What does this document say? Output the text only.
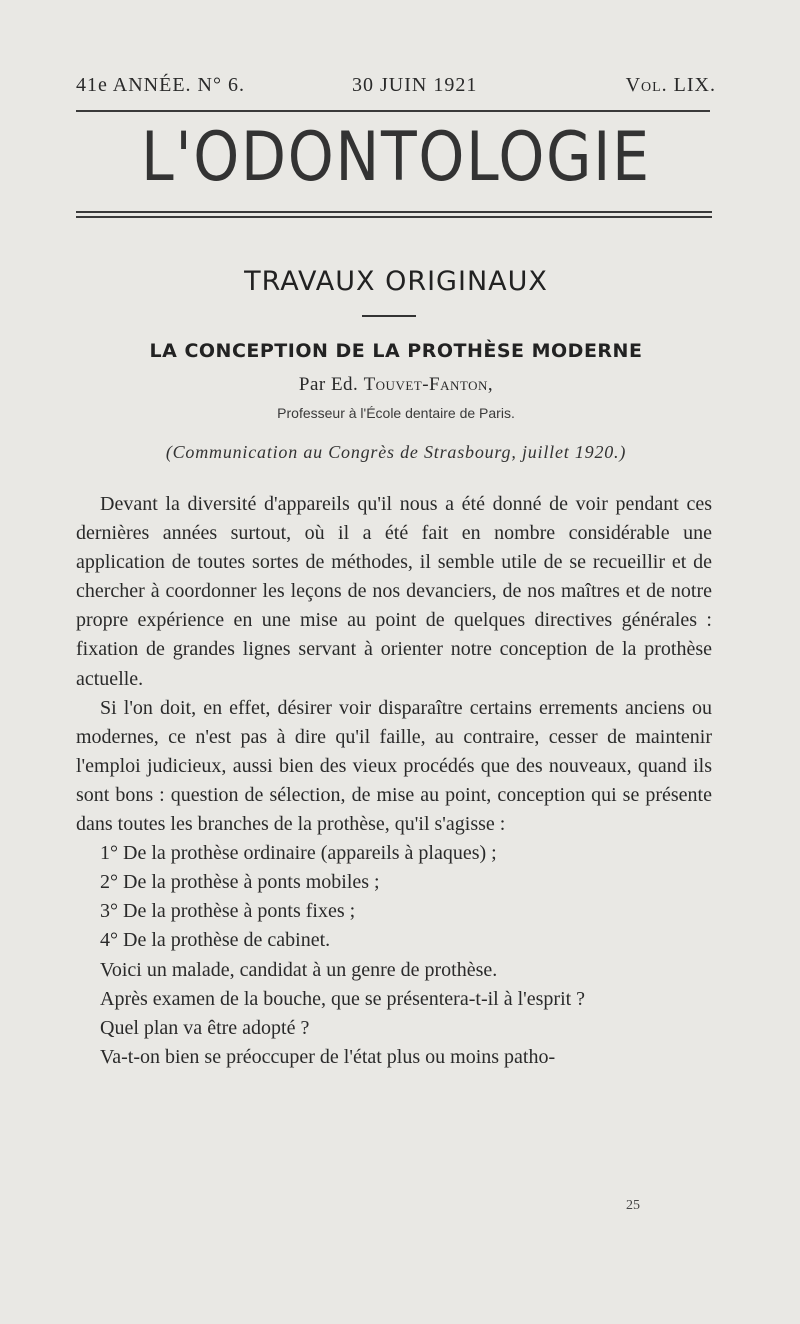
41e ANNÉE. N° 6.	30 JUIN 1921	Vol. LIX.
L'ODONTOLOGIE
TRAVAUX ORIGINAUX
LA CONCEPTION DE LA PROTHÈSE MODERNE
Par Ed. Touvet-Fanton,
Professeur à l'École dentaire de Paris.
(Communication au Congrès de Strasbourg, juillet 1920.)

Devant la diversité d'appareils qu'il nous a été donné de voir pendant ces dernières années surtout, où il a été fait en nombre considérable une application de toutes sortes de méthodes, il semble utile de se recueillir et de chercher à coordonner les leçons de nos devanciers, de nos maîtres et de notre propre expérience en une mise au point de quelques directives générales : fixation de grandes lignes servant à orienter notre conception de la prothèse actuelle.

Si l'on doit, en effet, désirer voir disparaître certains errements anciens ou modernes, ce n'est pas à dire qu'il faille, au contraire, cesser de maintenir l'emploi judicieux, aussi bien des vieux procédés que des nouveaux, quand ils sont bons : question de sélection, de mise au point, conception qui se présente dans toutes les branches de la prothèse, qu'il s'agisse :

1° De la prothèse ordinaire (appareils à plaques) ;

2° De la prothèse à ponts mobiles ;

3° De la prothèse à ponts fixes ;

4° De la prothèse de cabinet.

Voici un malade, candidat à un genre de prothèse.

Après examen de la bouche, que se présentera-t-il à l'esprit ?

Quel plan va être adopté ?

Va-t-on bien se préoccuper de l'état plus ou moins patho-

25
